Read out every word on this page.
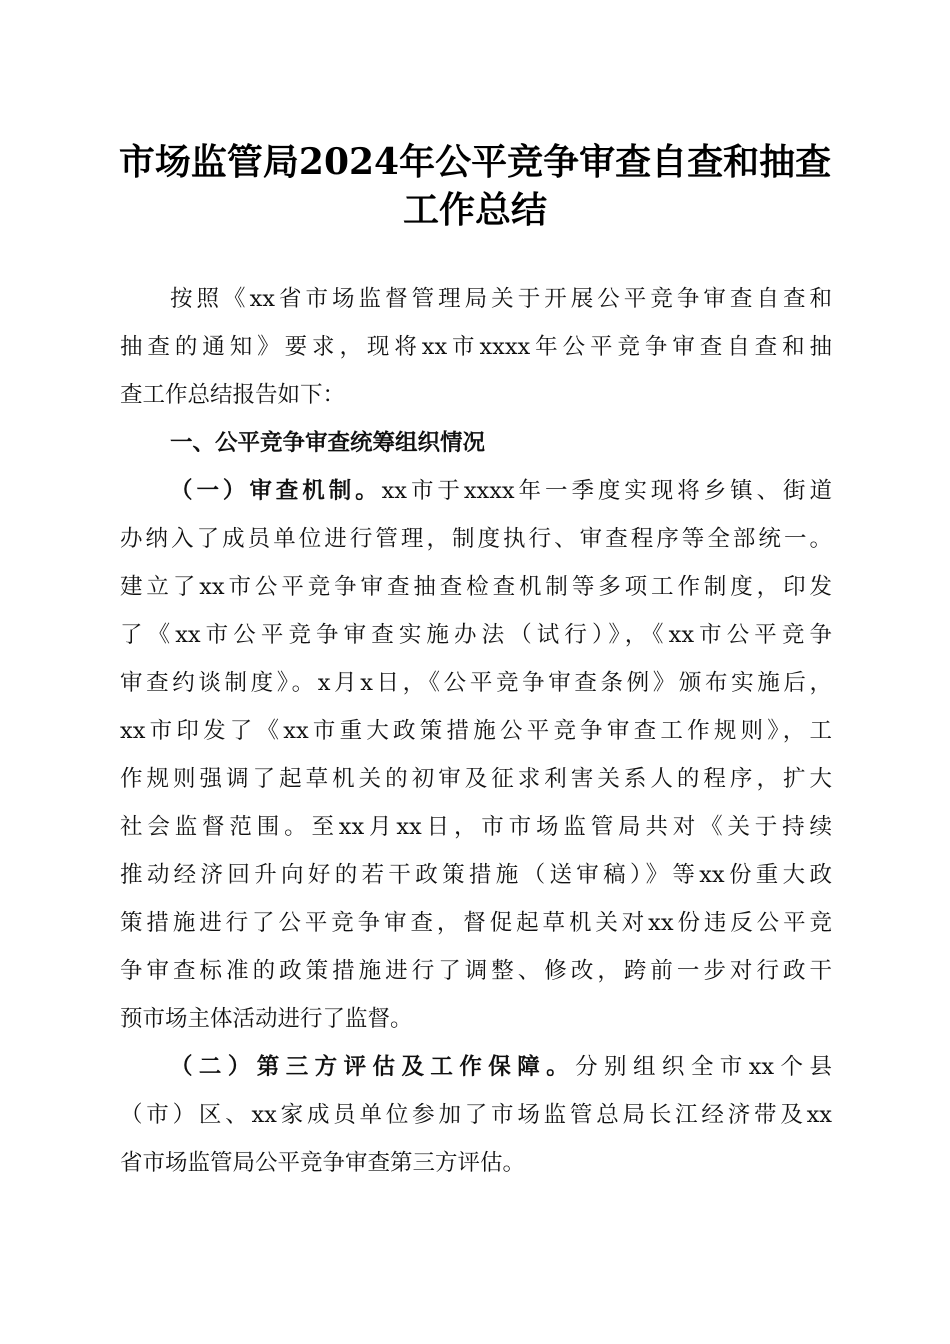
市场监管局2024年公平竞争审查自查和抽查
工作总结
按照《xx省市场监督管理局关于开展公平竞争审查自查和
抽查的通知》要求，现将xx市xxxx年公平竞争审查自查和抽
查工作总结报告如下：
一、公平竞争审查统筹组织情况
（一）审查机制。xx市于xxxx年一季度实现将乡镇、街道
办纳入了成员单位进行管理，制度执行、审查程序等全部统一。
建立了xx市公平竞争审查抽查检查机制等多项工作制度，印发
了《xx市公平竞争审查实施办法（试行）》，《xx市公平竞争
审查约谈制度》。x月x日，《公平竞争审查条例》颁布实施后，
xx市印发了《xx市重大政策措施公平竞争审查工作规则》，工
作规则强调了起草机关的初审及征求利害关系人的程序，扩大
社会监督范围。至xx月xx日，市市场监管局共对《关于持续
推动经济回升向好的若干政策措施（送审稿）》等xx份重大政
策措施进行了公平竞争审查，督促起草机关对xx份违反公平竞
争审查标准的政策措施进行了调整、修改，跨前一步对行政干
预市场主体活动进行了监督。
（二）第三方评估及工作保障。分别组织全市xx个县
（市）区、xx家成员单位参加了市场监管总局长江经济带及xx
省市场监管局公平竞争审查第三方评估。
